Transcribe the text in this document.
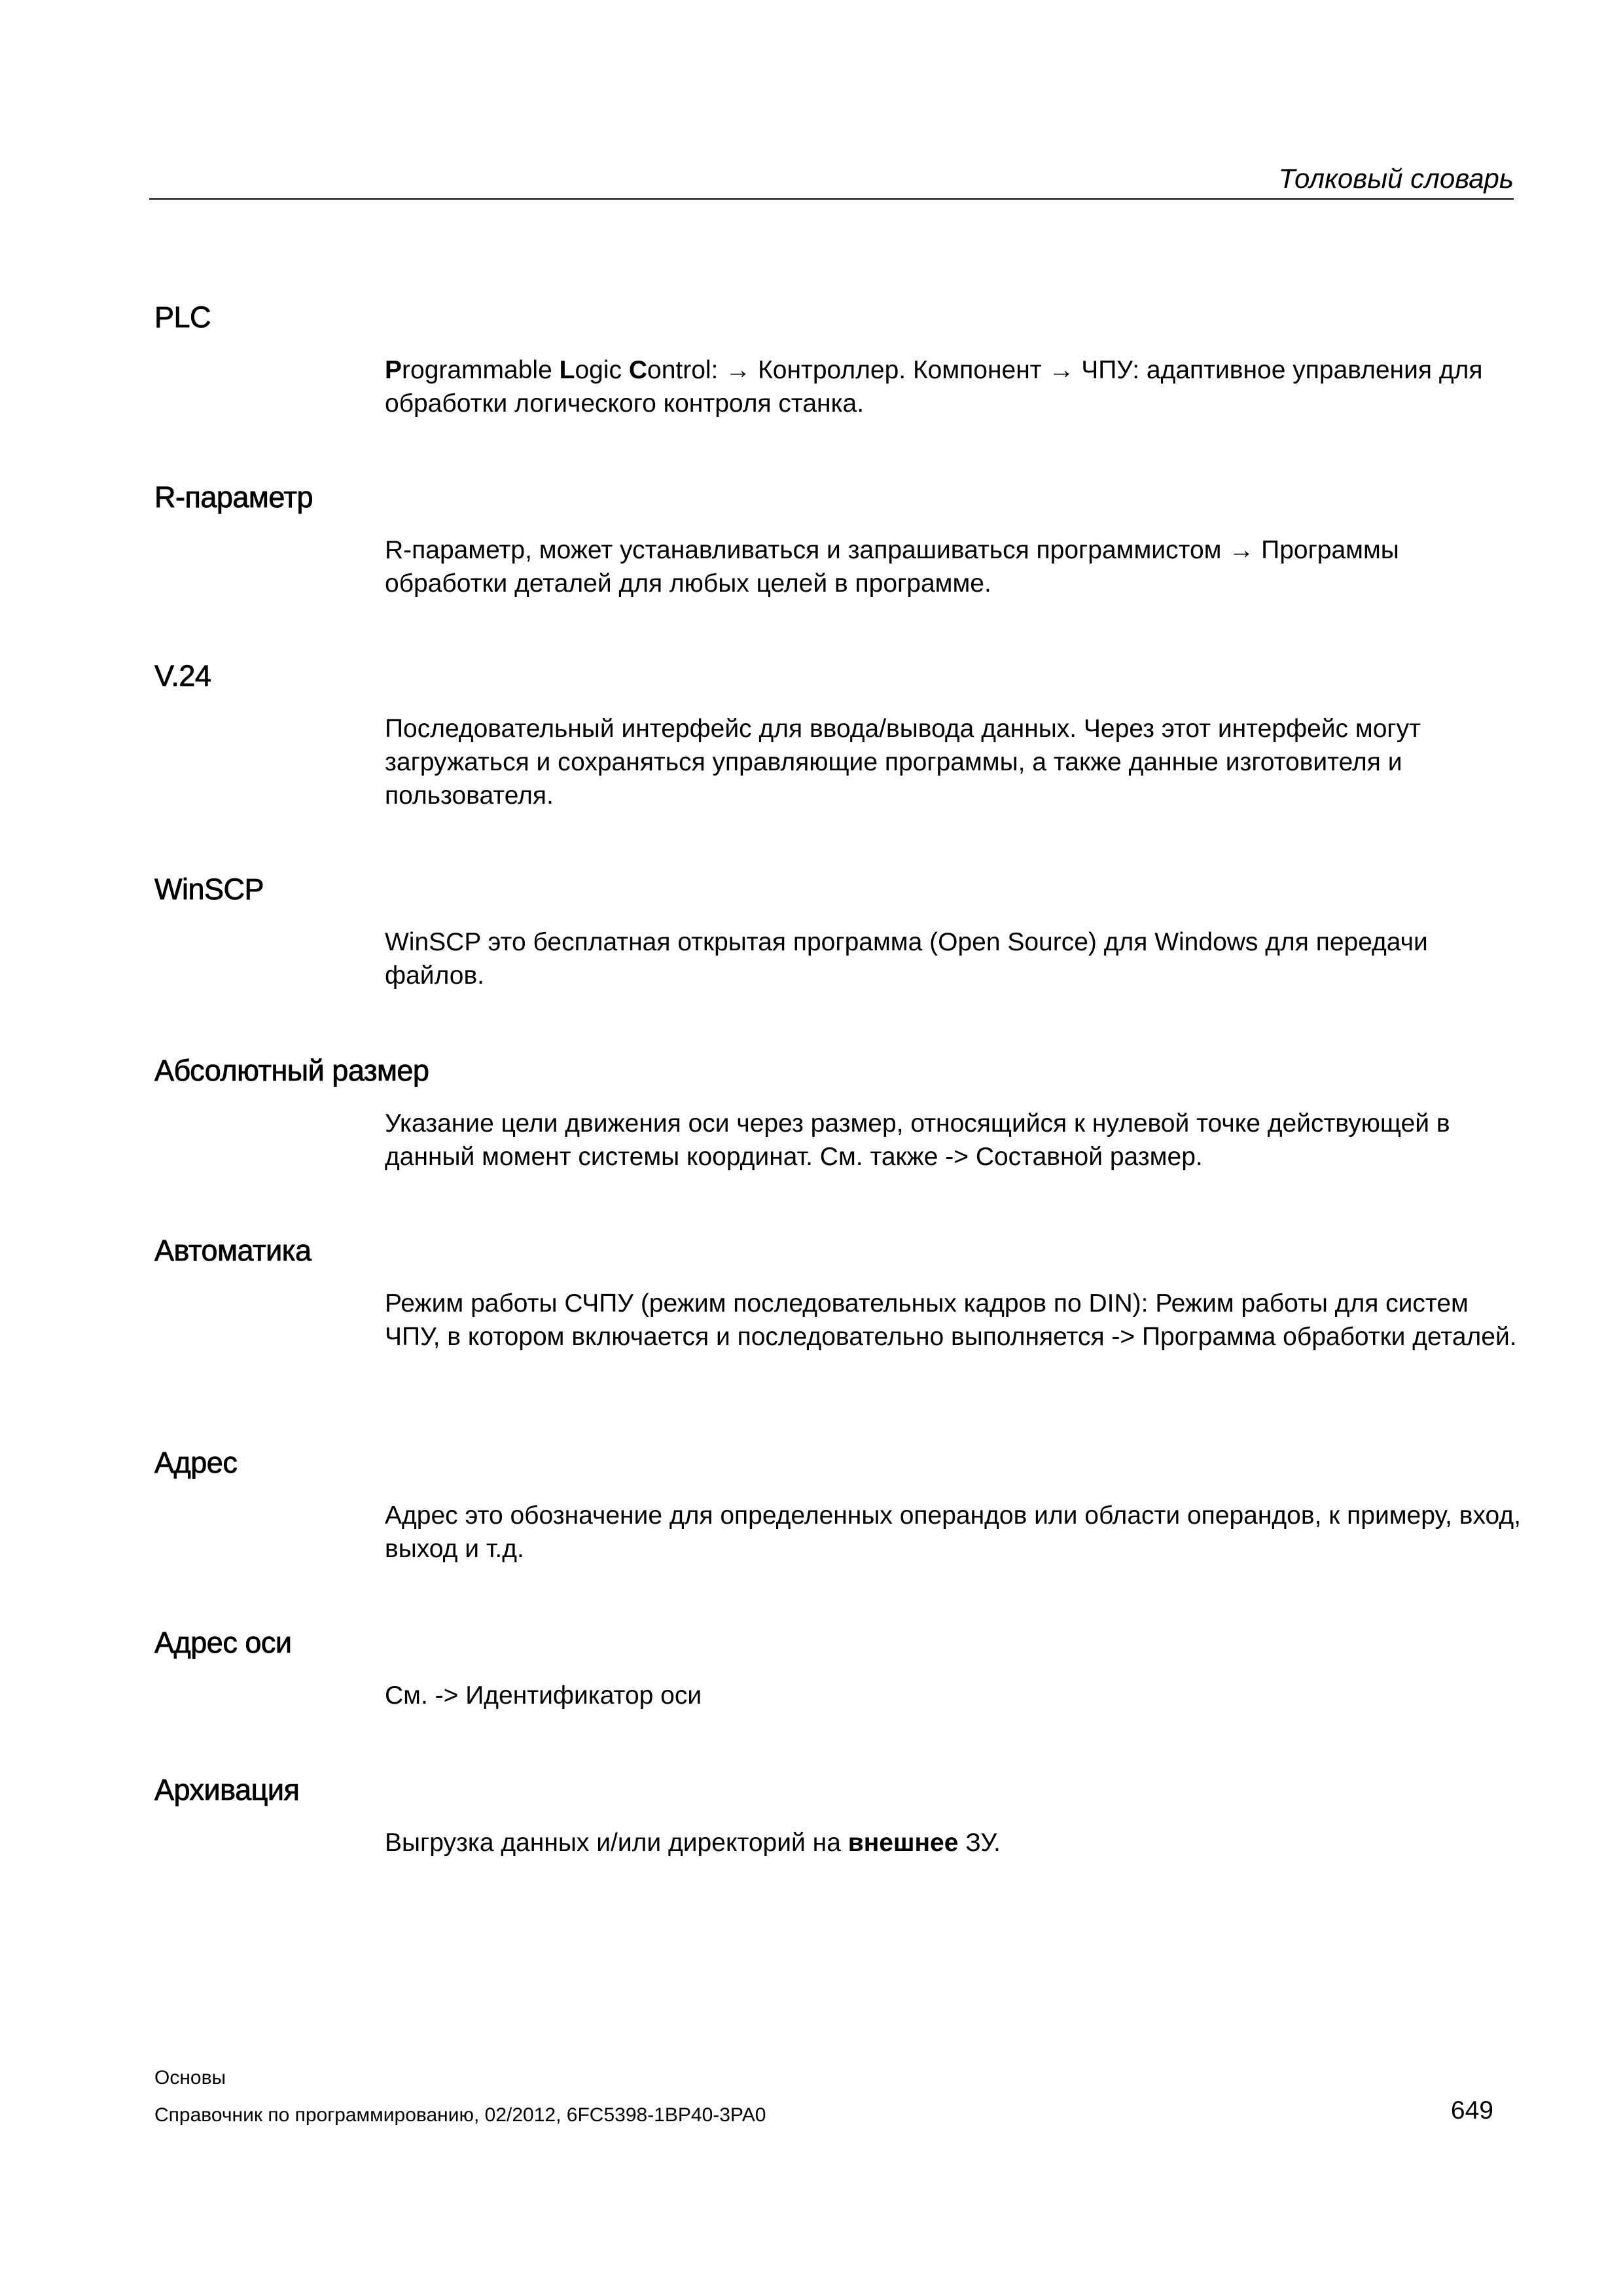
Толковый словарь
PLC
Programmable Logic Control: → Контроллер. Компонент → ЧПУ: адаптивное управления для обработки логического контроля станка.
R-параметр
R-параметр, может устанавливаться и запрашиваться программистом → Программы обработки деталей для любых целей в программе.
V.24
Последовательный интерфейс для ввода/вывода данных. Через этот интерфейс могут загружаться и сохраняться управляющие программы, а также данные изготовителя и пользователя.
WinSCP
WinSCP это бесплатная открытая программа (Open Source) для Windows для передачи файлов.
Абсолютный размер
Указание цели движения оси через размер, относящийся к нулевой точке действующей в данный момент системы координат. См. также -> Составной размер.
Автоматика
Режим работы СЧПУ (режим последовательных кадров по DIN): Режим работы для систем ЧПУ, в котором включается и последовательно выполняется -> Программа обработки деталей.
Адрес
Адрес это обозначение для определенных операндов или области операндов, к примеру, вход, выход и т.д.
Адрес оси
См. -> Идентификатор оси
Архивация
Выгрузка данных и/или директорий на внешнее ЗУ.
Основы
Справочник по программированию, 02/2012, 6FC5398-1BP40-3PA0	649
